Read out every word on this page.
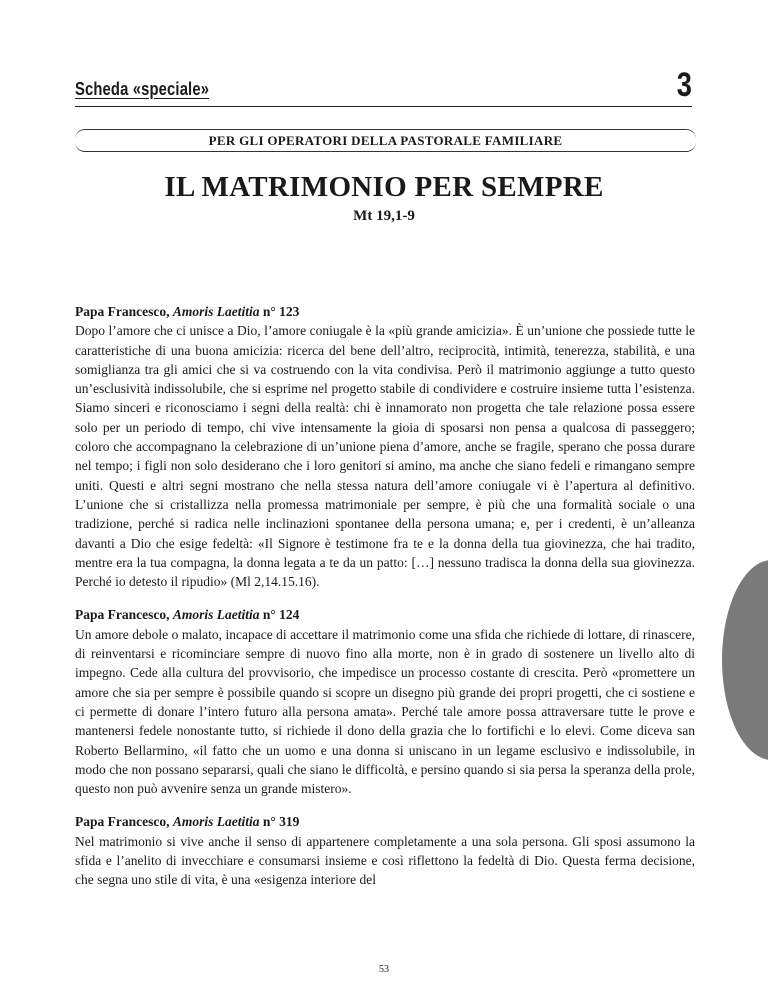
Scheda «speciale»	3
PER GLI OPERATORI DELLA PASTORALE FAMILIARE
IL MATRIMONIO PER SEMPRE
Mt 19,1-9
Papa Francesco, Amoris Laetitia n° 123
Dopo l’amore che ci unisce a Dio, l’amore coniugale è la «più grande amicizia». È un’unione che possiede tutte le caratteristiche di una buona amicizia: ricerca del bene dell’altro, reciprocità, intimità, tenerezza, stabilità, e una somiglianza tra gli amici che si va costruendo con la vita condivisa. Però il matrimonio aggiunge a tutto questo un’esclusività indissolubile, che si esprime nel progetto stabile di condividere e costruire insieme tutta l’esistenza. Siamo sinceri e riconosciamo i segni della realtà: chi è innamorato non progetta che tale relazione possa essere solo per un periodo di tempo, chi vive intensamente la gioia di sposarsi non pensa a qualcosa di passeggero; coloro che accompagnano la celebrazione di un’unione piena d’amore, anche se fragile, sperano che possa durare nel tempo; i figli non solo desiderano che i loro genitori si amino, ma anche che siano fedeli e rimangano sempre uniti. Questi e altri segni mostrano che nella stessa natura dell’amore coniugale vi è l’apertura al definitivo. L’unione che si cristallizza nella promessa matrimoniale per sempre, è più che una formalità sociale o una tradizione, perché si radica nelle inclinazioni spontanee della persona umana; e, per i credenti, è un’alleanza davanti a Dio che esige fedeltà: «Il Signore è testimone fra te e la donna della tua giovinezza, che hai tradito, mentre era la tua compagna, la donna legata a te da un patto: […] nessuno tradisca la donna della sua giovinezza. Perché io detesto il ripudio» (Ml 2,14.15.16).
Papa Francesco, Amoris Laetitia n° 124
Un amore debole o malato, incapace di accettare il matrimonio come una sfida che richiede di lottare, di rinascere, di reinventarsi e ricominciare sempre di nuovo fino alla morte, non è in grado di sostenere un livello alto di impegno. Cede alla cultura del provvisorio, che impedisce un processo costante di crescita. Però «promettere un amore che sia per sempre è possibile quando si scopre un disegno più grande dei propri progetti, che ci sostiene e ci permette di donare l’intero futuro alla persona amata». Perché tale amore possa attraversare tutte le prove e mantenersi fedele nonostante tutto, si richiede il dono della grazia che lo fortifichi e lo elevi. Come diceva san Roberto Bellarmino, «il fatto che un uomo e una donna si uniscano in un legame esclusivo e indissolubile, in modo che non possano separarsi, quali che siano le difficoltà, e persino quando si sia persa la speranza della prole, questo non può avvenire senza un grande mistero».
Papa Francesco, Amoris Laetitia n° 319
Nel matrimonio si vive anche il senso di appartenere completamente a una sola persona. Gli sposi assumono la sfida e l’anelito di invecchiare e consumarsi insieme e così riflettono la fedeltà di Dio. Questa ferma decisione, che segna uno stile di vita, è una «esigenza interiore del
53
